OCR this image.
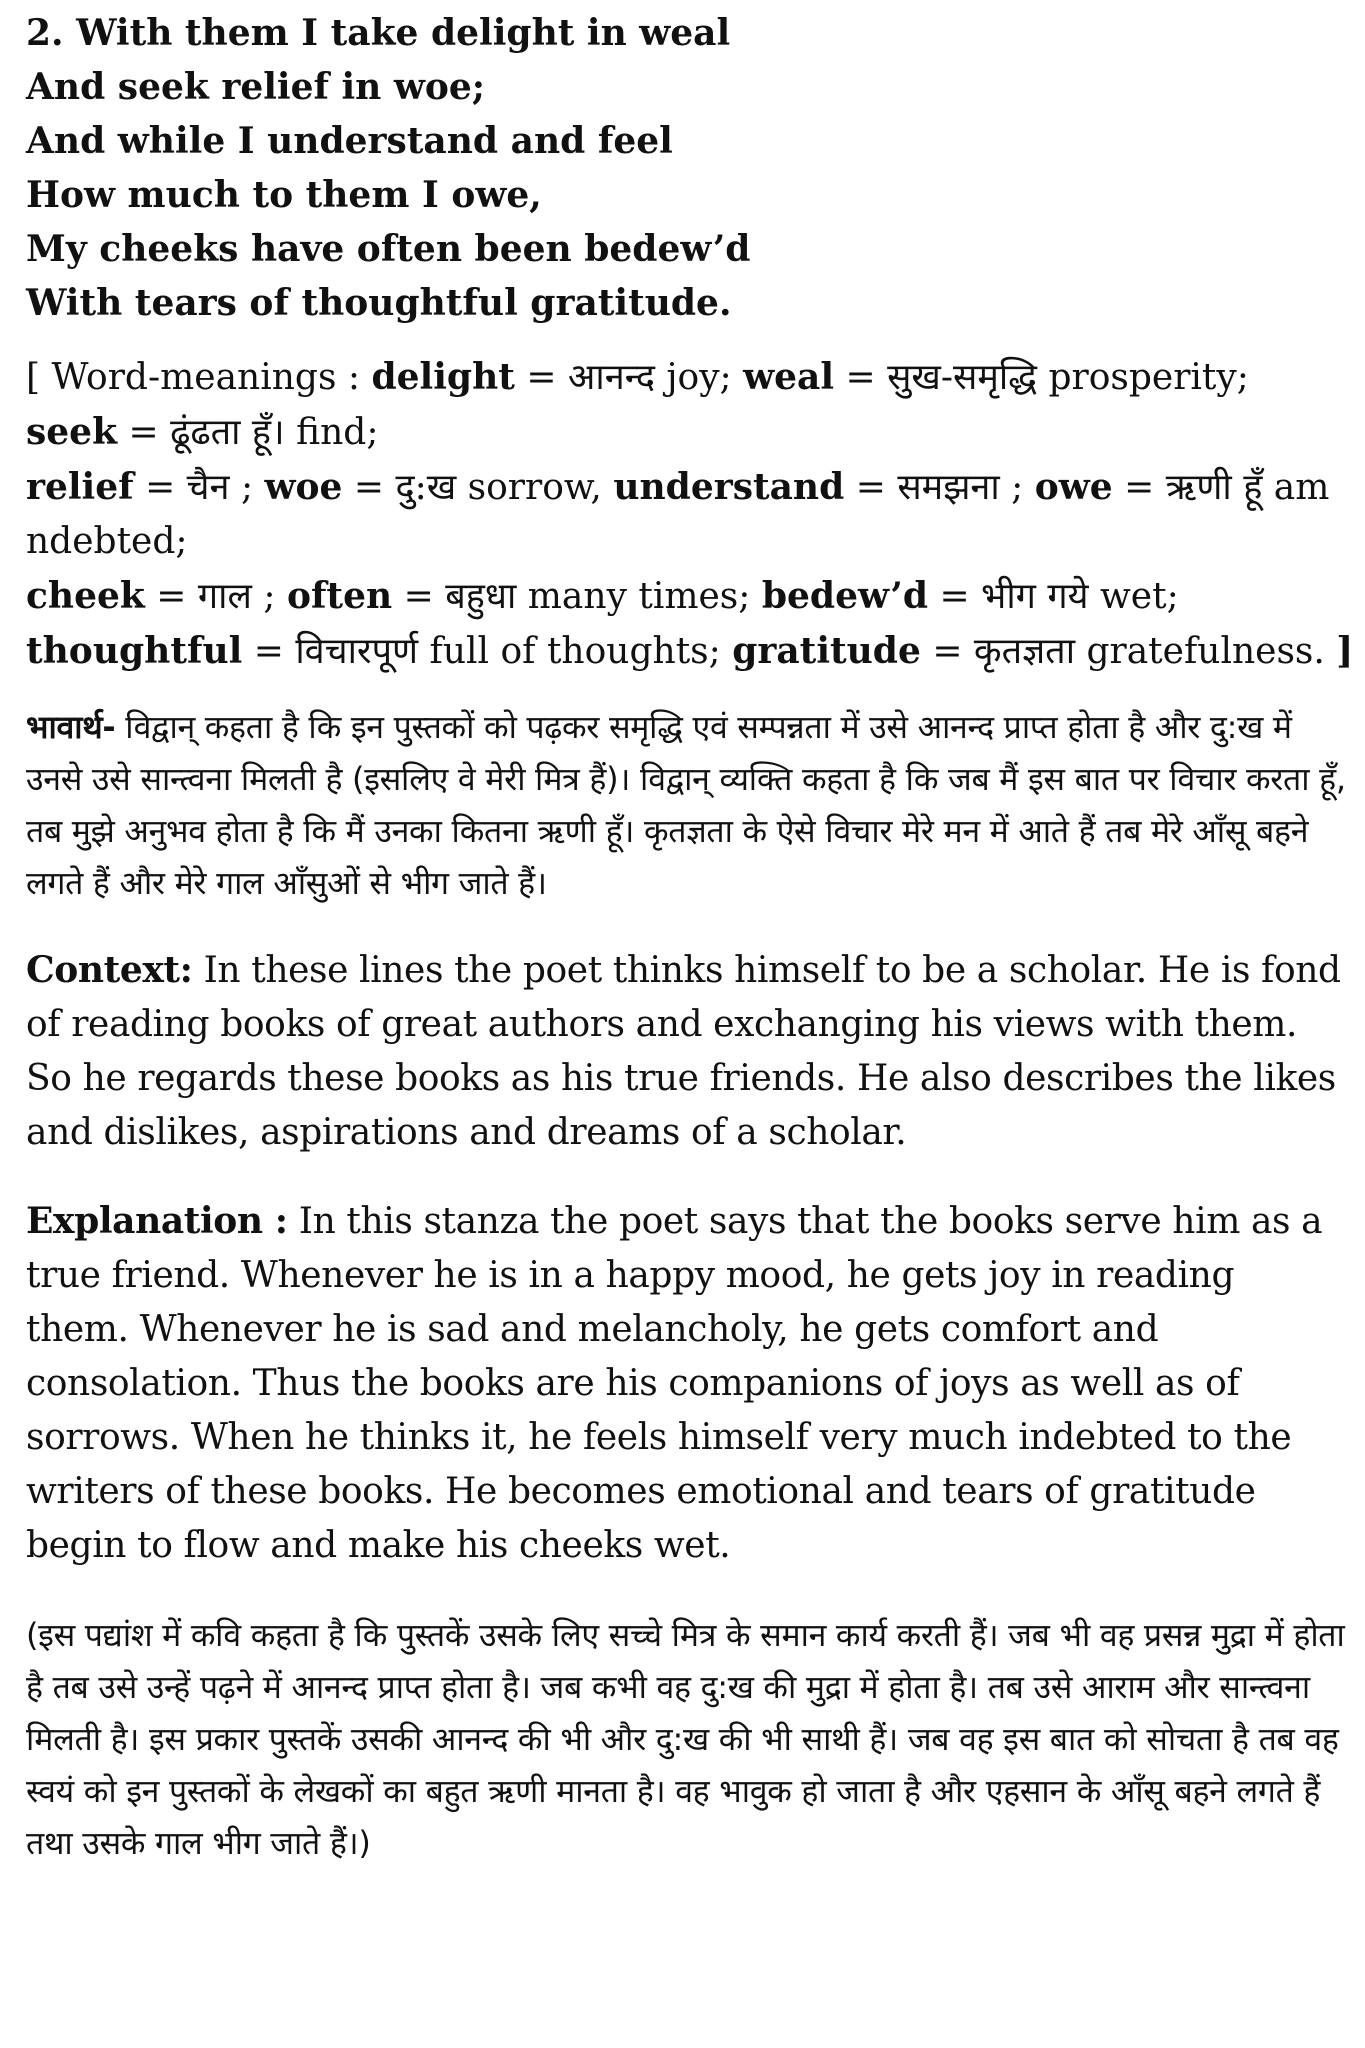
2. With them I take delight in weal
And seek relief in woe;
And while I understand and feel
How much to them I owe,
My cheeks have often been bedew’d
With tears of thoughtful gratitude.
[ Word-meanings : delight = आनन्द joy; weal = सुख-समृद्धि prosperity;
seek = ढूंढता हूँ। find;
relief = चैन ; woe = दु:ख sorrow, understand = समझना ; owe = ऋणी हूँ am
ndebted;
cheek = गाल ; often = बहुधा many times; bedew’d = भीग गये wet;
thoughtful = विचारपूर्ण full of thoughts; gratitude = कृतज्ञता gratefulness. ]

भावार्थ- विद्वान् कहता है कि इन पुस्तकों को पढ़कर समृद्धि एवं सम्पन्नता में उसे आनन्द प्राप्त होता है और दु:ख में उनसे उसे सान्त्वना मिलती है (इसलिए वे मेरी मित्र हैं)। विद्वान् व्यक्ति कहता है कि जब मैं इस बात पर विचार करता हूँ, तब मुझे अनुभव होता है कि मैं उनका कितना ऋणी हूँ। कृतज्ञता के ऐसे विचार मेरे मन में आते हैं तब मेरे आँसू बहने लगते हैं और मेरे गाल आँसुओं से भीग जाते हैं।

Context: In these lines the poet thinks himself to be a scholar. He is fond of reading books of great authors and exchanging his views with them. So he regards these books as his true friends. He also describes the likes and dislikes, aspirations and dreams of a scholar.

Explanation : In this stanza the poet says that the books serve him as a true friend. Whenever he is in a happy mood, he gets joy in reading them. Whenever he is sad and melancholy, he gets comfort and consolation. Thus the books are his companions of joys as well as of sorrows. When he thinks it, he feels himself very much indebted to the writers of these books. He becomes emotional and tears of gratitude begin to flow and make his cheeks wet.

(इस पद्यांश में कवि कहता है कि पुस्तकें उसके लिए सच्चे मित्र के समान कार्य करती हैं। जब भी वह प्रसन्न मुद्रा में होता है तब उसे उन्हें पढ़ने में आनन्द प्राप्त होता है। जब कभी वह दु:ख की मुद्रा में होता है। तब उसे आराम और सान्त्वना मिलती है। इस प्रकार पुस्तकें उसकी आनन्द की भी और दु:ख की भी साथी हैं। जब वह इस बात को सोचता है तब वह स्वयं को इन पुस्तकों के लेखकों का बहुत ऋणी मानता है। वह भावुक हो जाता है और एहसान के आँसू बहने लगते हैं तथा उसके गाल भीग जाते हैं।)
